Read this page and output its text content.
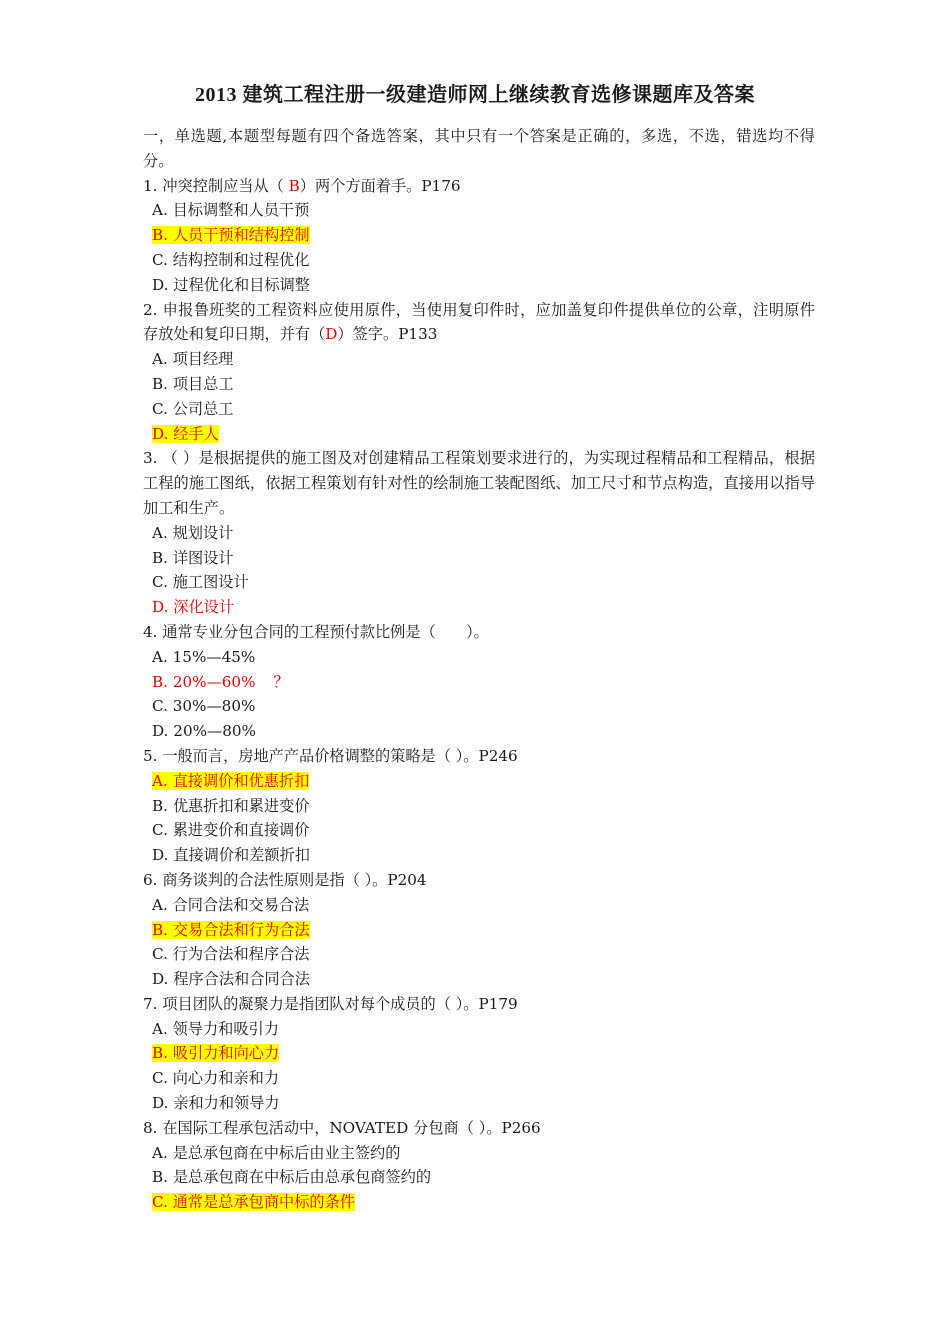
2013 建筑工程注册一级建造师网上继续教育选修课题库及答案
一，单选题,本题型每题有四个备选答案，其中只有一个答案是正确的，多选，不选，错选均不得分。
1. 冲突控制应当从（ B）两个方面着手。P176
A. 目标调整和人员干预
B. 人员干预和结构控制
C. 结构控制和过程优化
D. 过程优化和目标调整
2. 申报鲁班奖的工程资料应使用原件，当使用复印件时，应加盖复印件提供单位的公章，注明原件存放处和复印日期，并有（D）签字。P133
A. 项目经理
B. 项目总工
C. 公司总工
D. 经手人
3. （ ）是根据提供的施工图及对创建精品工程策划要求进行的，为实现过程精品和工程精品，根据工程的施工图纸，依据工程策划有针对性的绘制施工装配图纸、加工尺寸和节点构造，直接用以指导加工和生产。
A. 规划设计
B. 详图设计
C. 施工图设计
D. 深化设计
4. 通常专业分包合同的工程预付款比例是（　　）。
A. 15%—45%
B. 20%—60% ？
C. 30%—80%
D. 20%—80%
5. 一般而言，房地产产品价格调整的策略是（ ）。P246
A. 直接调价和优惠折扣
B. 优惠折扣和累进变价
C. 累进变价和直接调价
D. 直接调价和差额折扣
6. 商务谈判的合法性原则是指（ ）。P204
A. 合同合法和交易合法
B. 交易合法和行为合法
C. 行为合法和程序合法
D. 程序合法和合同合法
7. 项目团队的凝聚力是指团队对每个成员的（ ）。P179
A. 领导力和吸引力
B. 吸引力和向心力
C. 向心力和亲和力
D. 亲和力和领导力
8. 在国际工程承包活动中，NOVATED 分包商（ ）。P266
A. 是总承包商在中标后由业主签约的
B. 是总承包商在中标后由总承包商签约的
C. 通常是总承包商中标的条件
